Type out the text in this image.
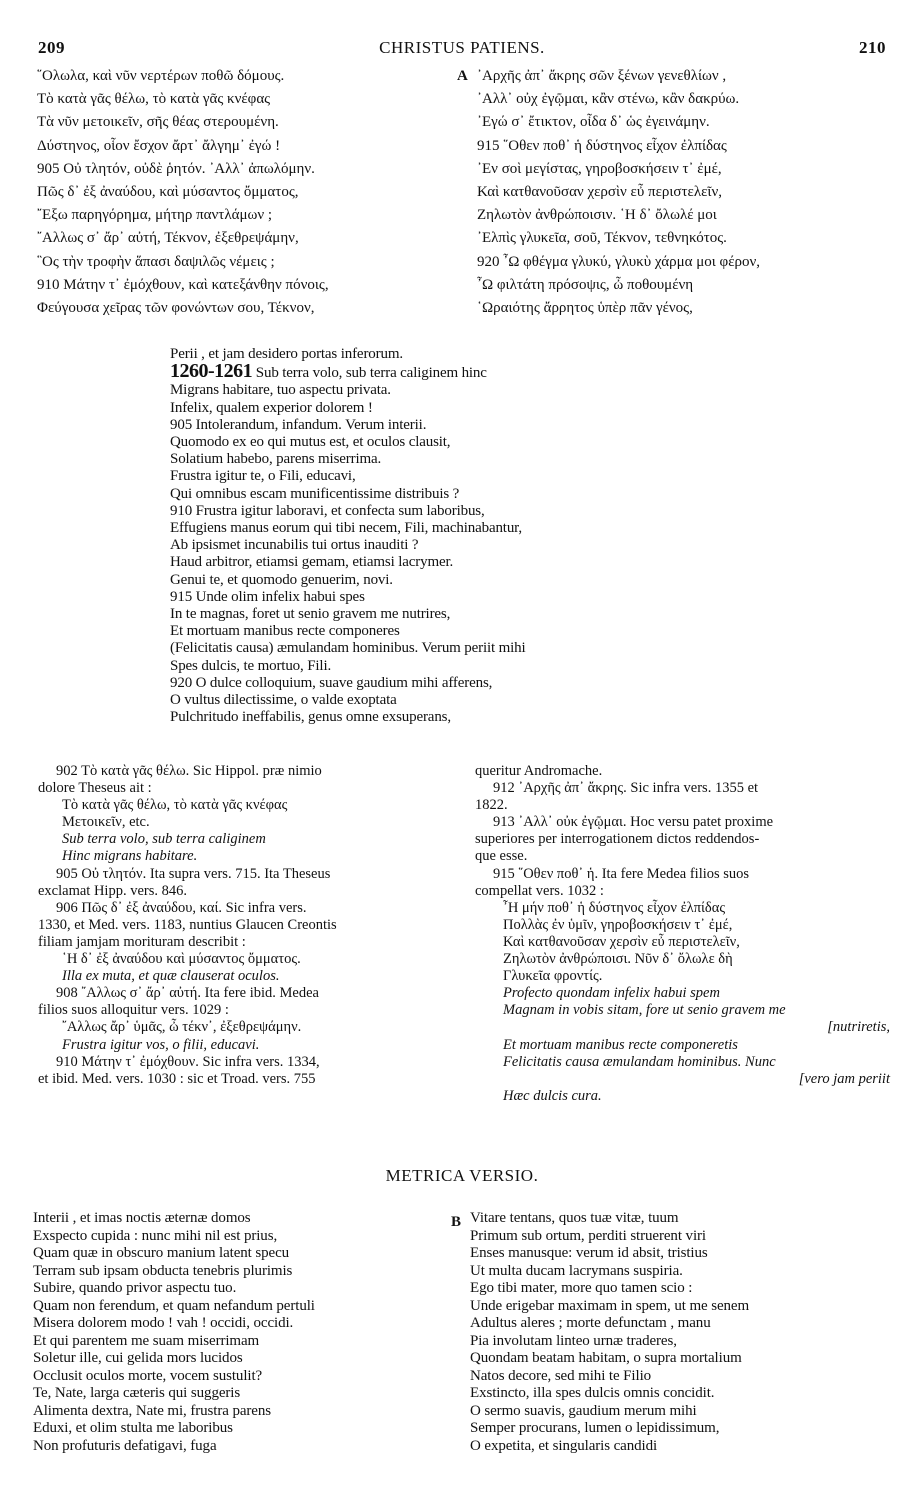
209	CHRISTUS PATIENS.	210
῞Ολωλα, καὶ νῦν νερτέρων ποθῶ δόμους.
Τὸ κατὰ γᾶς θέλω, τὸ κατὰ γᾶς κνέφας
Τὰ νῦν μετοικεῖν, σῆς θέας στερουμένη.
Δύστηνος, οἷον ἔσχον ἄρτ᾽ ἄλγημ᾽ ἐγώ !
905 Οὐ τλητόν, οὐδὲ ῥητόν. ᾽Αλλ᾽ ἀπωλόμην.
Πῶς δ᾽ ἐξ ἀναύδου, καὶ μύσαντος ὄμματος,
῎Εξω παρηγόρημα, μήτηρ παντλάμων ;
῎Αλλως σ᾽ ἄρ᾽ αὐτή, Τέκνον, ἐξεθρεψάμην,
῝Ος τὴν τροφὴν ἅπασι δαψιλῶς νέμεις ;
910 Μάτην τ᾽ ἐμόχθουν, καὶ κατεξάνθην πόνοις,
Φεύγουσα χεῖρας τῶν φονώντων σου, Τέκνον,
A ᾽Αρχῆς ἀπ᾽ ἄκρης σῶν ξένων γενεθλίων ,
᾽Αλλ᾽ οὐχ ἐγῷμαι, κἂν στένω, κἂν δακρύω.
᾽Εγώ σ᾽ ἔτικτον, οἶδα δ᾽ ὡς ἐγεινάμην.
915 ῞Οθεν ποθ᾽ ἡ δύστηνος εἶχον ἐλπίδας
᾽Εν σοὶ μεγίστας, γηροβοσκήσειν τ᾽ ἐμέ,
Καὶ κατθανοῦσαν χερσὶν εὖ περιστελεῖν,
Ζηλωτὸν ἀνθρώποισιν. ῾Η δ᾽ ὄλωλέ μοι
᾽Ελπὶς γλυκεῖα, σοῦ, Τέκνον, τεθνηκότος.
920 ῏Ω φθέγμα γλυκύ, γλυκὺ χάρμα μοι φέρον,
῏Ω φιλτάτη πρόσοψις, ὦ ποθουμένη
῾Ωραιότης ἄρρητος ὑπὲρ πᾶν γένος,
Perii , et jam desidero portas inferorum.
1260-1261 Sub terra volo, sub terra caliginem hinc
Migrans habitare, tuo aspectu privata.
Infelix, qualem experior dolorem !
905 Intolerandum, infandum. Verum interii.
Quomodo ex eo qui mutus est, et oculos clausit,
Solatium habebo, parens miserrima.
Frustra igitur te, o Fili, educavi,
Qui omnibus escam munificentissime distribuis ?
910 Frustra igitur laboravi, et confecta sum laboribus,
Effugiens manus eorum qui tibi necem, Fili, machinabantur,
Ab ipsismet incunabilis tui ortus inauditi ?
Haud arbitror, etiamsi gemam, etiamsi lacrymer.
Genui te, et quomodo genuerim, novi.
915 Unde olim infelix habui spes
In te magnas, foret ut senio gravem me nutrires,
Et mortuam manibus recte componeres
(Felicitatis causa) æmulandam hominibus. Verum periit mihi
Spes dulcis, te mortuo, Fili.
920 O dulce colloquium, suave gaudium mihi afferens,
O vultus dilectissime, o valde exoptata
Pulchritudo ineffabilis, genus omne exsuperans,
902 Τὸ κατὰ γᾶς θέλω. Sic Hippol. præ nimio
dolore Theseus ait :
Τὸ κατὰ γᾶς θέλω, τὸ κατὰ γᾶς κνέφας
Μετοικεῖν, etc.
Sub terra volo, sub terra caliginem
Hinc migrans habitare.
905 Οὐ τλητόν. Ita supra vers. 715. Ita Theseus
exclamat Hipp. vers. 846.
906 Πῶς δ᾽ ἐξ ἀναύδου, καί. Sic infra vers.
1330, et Med. vers. 1183, nuntius Glaucen Creontis
filiam jamjam morituram describit :
῾Η δ᾽ ἐξ ἀναύδου καὶ μύσαντος ὄμματος.
Illa ex muta, et quæ clauserat oculos.
908 ῎Αλλως σ᾽ ἄρ᾽ αὐτή. Ita fere ibid. Medea
filios suos alloquitur vers. 1029 :
῎Αλλως ἄρ᾽ ὑμᾶς, ὦ τέκν᾽, ἐξεθρεψάμην.
Frustra igitur vos, o filii, educavi.
910 Μάτην τ᾽ ἐμόχθουν. Sic infra vers. 1334,
et ibid. Med. vers. 1030 : sic et Troad. vers. 755
queritur Andromache.
912 ᾽Αρχῆς ἀπ᾽ ἄκρης. Sic infra vers. 1355 et
1822.
913 ᾽Αλλ᾽ οὐκ ἐγῷμαι. Hoc versu patet proxime
superiores per interrogationem dictos reddendos-
que esse.
915 ῞Οθεν ποθ᾽ ἡ. Ita fere Medea filios suos
compellat vers. 1032 :
῏Η μήν ποθ᾽ ἡ δύστηνος εἶχον ἐλπίδας
Πολλὰς ἐν ὑμῖν, γηροβοσκήσειν τ᾽ ἐμέ,
Καὶ κατθανοῦσαν χερσὶν εὖ περιστελεῖν,
Ζηλωτὸν ἀνθρώποισι. Νῦν δ᾽ ὄλωλε δὴ
Γλυκεῖα φροντίς.
Profecto quondam infelix habui spem
Magnam in vobis sitam, fore ut senio gravem me
[nutriretis,
Et mortuam manibus recte componeretis
Felicitatis causa æmulandam hominibus. Nunc
[vero jam periit
Hæc dulcis cura.
METRICA VERSIO.
Interii , et imas noctis æternæ domos
Exspecto cupida : nunc mihi nil est prius,
Quam quæ in obscuro manium latent specu
Terram sub ipsam obducta tenebris plurimis
Subire, quando privor aspectu tuo.
Quam non ferendum, et quam nefandum pertuli
Misera dolorem modo ! vah ! occidi, occidi.
Et qui parentem me suam miserrimam
Soletur ille, cui gelida mors lucidos
Occlusit oculos morte, vocem sustulit?
Te, Nate, larga cæteris qui suggeris
Alimenta dextra, Nate mi, frustra parens
Eduxi, et olim stulta me laboribus
Non profuturis defatigavi, fuga
B Vitare tentans, quos tuæ vitæ, tuum
Primum sub ortum, perditi struerent viri
Enses manusque: verum id absit, tristius
Ut multa ducam lacrymans suspiria.
Ego tibi mater, more quo tamen scio :
Unde erigebar maximam in spem, ut me senem
Adultus aleres ; morte defunctam , manu
Pia involutam linteo urnæ traderes,
Quondam beatam habitam, o supra mortalium
Natos decore, sed mihi te Filio
Exstincto, illa spes dulcis omnis concidit.
O sermo suavis, gaudium merum mihi
Semper procurans, lumen o lepidissimum,
O expetita, et singularis candidi
